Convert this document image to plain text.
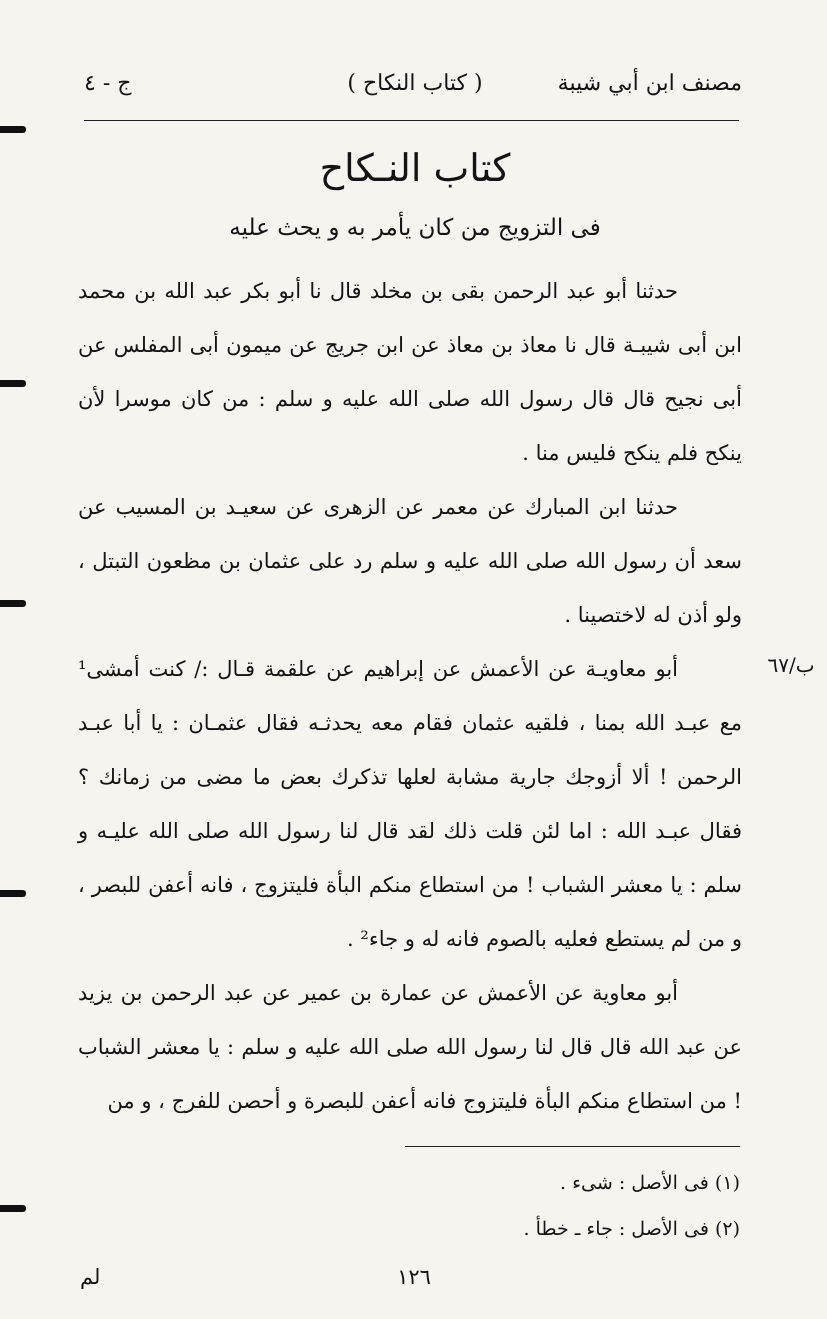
مصنف ابن أبي شيبة
( كتاب النكاح )
ج - ٤
كتاب النـكاح
فى التزويج من كان يأمر به و يحث عليه

حدثنا أبو عبد الرحمن بقى بن مخلد قال نا أبو بكر عبد الله بن محمد ابن أبى شيبـة قال نا معاذ بن معاذ عن ابن جريج عن ميمون أبى المفلس عن أبى نجيح قال قال رسول الله صلى الله عليه و سلم : من كان موسرا لأن ينكح فلم ينكح فليس منا .

حدثنا ابن المبارك عن معمر عن الزهرى عن سعيـد بن المسيب عن سعد أن رسول الله صلى الله عليه و سلم رد على عثمان بن مظعون التبتل ، ولو أذن له لاختصينا .

أبو معاويـة عن الأعمش عن إبراهيم عن علقمة قـال :/ كنت أمشى¹ مع عبـد الله بمنا ، فلقيه عثمان فقام معه يحدثـه فقال عثمـان : يا أبا عبـد الرحمن ! ألا أزوجك جارية مشابة لعلها تذكرك بعض ما مضى من زمانك ؟ فقال عبـد الله : اما لئن قلت ذلك لقد قال لنا رسول الله صلى الله عليـه و سلم : يا معشر الشباب ! من استطاع منكم البأة فليتزوج ، فانه أعفن للبصر ، و من لم يستطع فعليه بالصوم فانه له و جاء² .

أبو معاوية عن الأعمش عن عمارة بن عمير عن عبد الرحمن بن يزيد عن عبد الله قال قال لنا رسول الله صلى الله عليه و سلم : يا معشر الشباب ! من استطاع منكم البأة فليتزوج فانه أعفن للبصرة و أحصن للفرج ، و من

ب/٦٧
(١) فى الأصل : شىء .
(٢) فى الأصل : جاء ـ خطأ .
١٢٦
لم
